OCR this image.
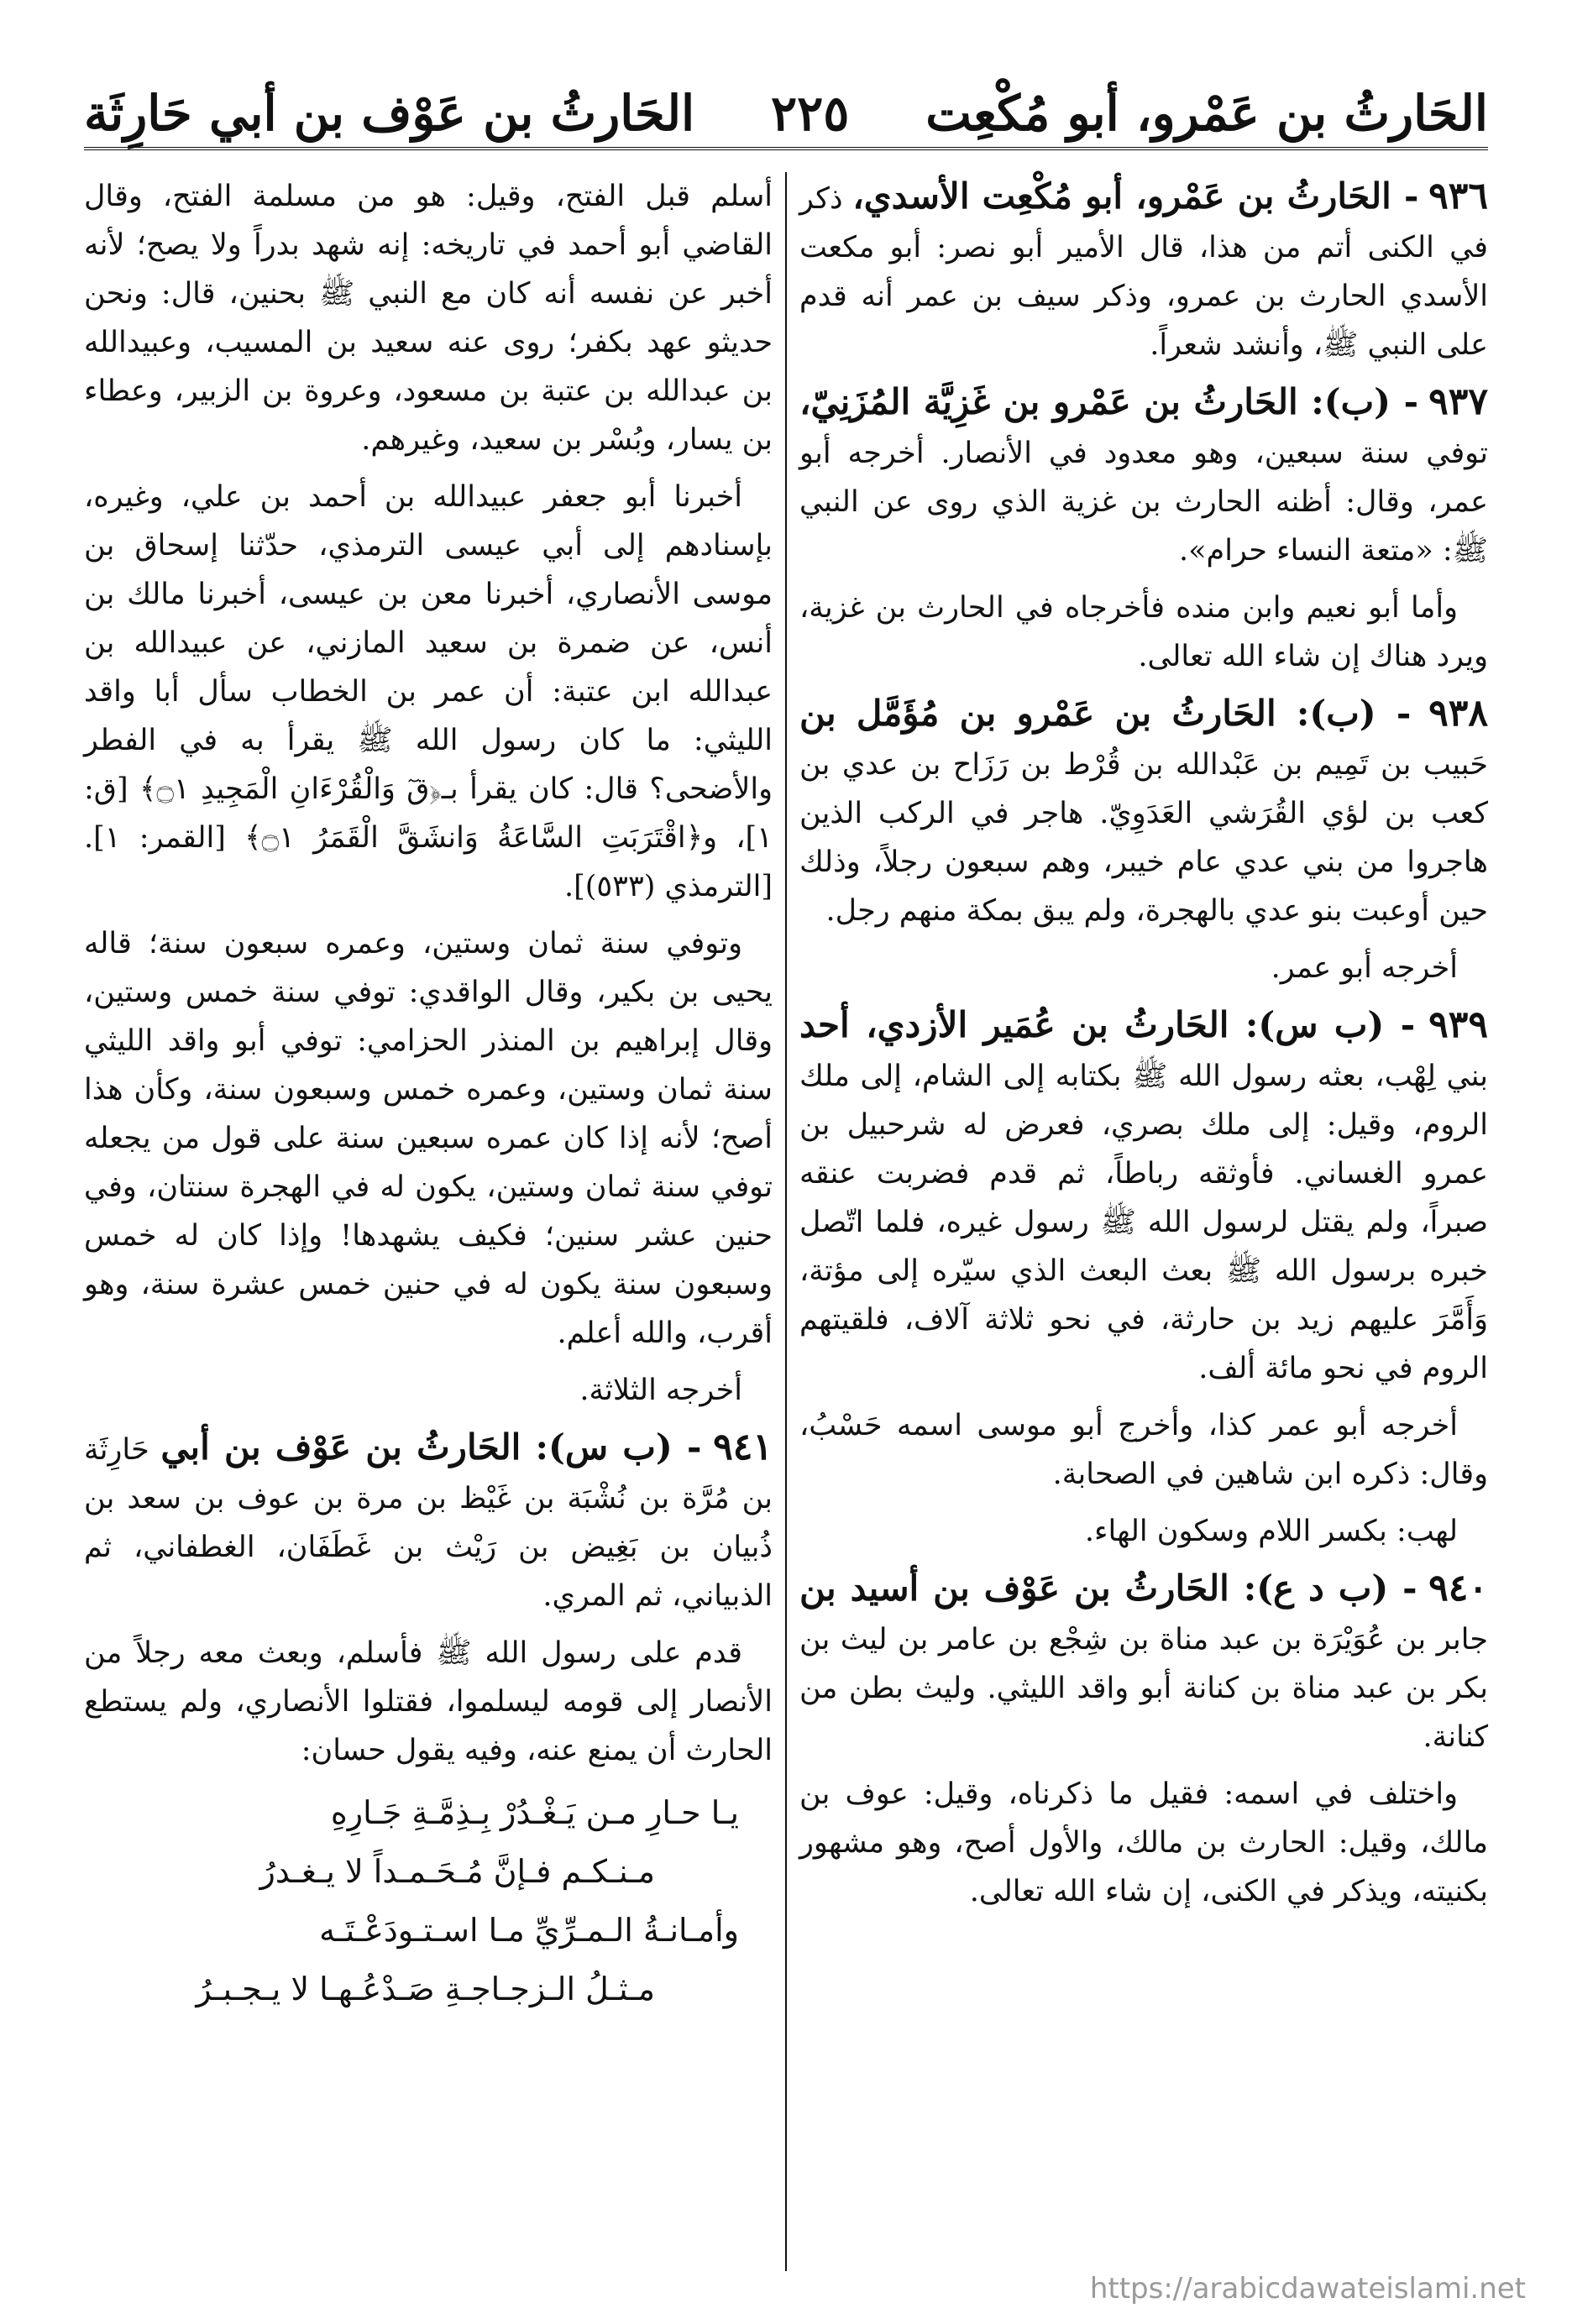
الحَارثُ بن عَمْرو، أبو مُكْعِت
٢٢٥
الحَارثُ بن عَوْف بن أبي حَارِثَة
٩٣٦ - الحَارثُ بن عَمْرو، أبو مُكْعِت الأسدي، ذكر في الكنى أتم من هذا، قال الأمير أبو نصر: أبو مكعت الأسدي الحارث بن عمرو، وذكر سيف بن عمر أنه قدم على النبي ﷺ، وأنشد شعراً.
٩٣٧ - (ب): الحَارثُ بن عَمْرو بن غَزِيَّة المُزَنِيّ، توفي سنة سبعين، وهو معدود في الأنصار. أخرجه أبو عمر، وقال: أظنه الحارث بن غزية الذي روى عن النبي ﷺ: «متعة النساء حرام».

وأما أبو نعيم وابن منده فأخرجاه في الحارث بن غزية، ويرد هناك إن شاء الله تعالى.

٩٣٨ - (ب): الحَارثُ بن عَمْرو بن مُؤَمَّل بن حَبيب بن تَمِيم بن عَبْدالله بن قُرْط بن رَزَاح بن عدي بن كعب بن لؤي القُرَشي العَدَوِيّ. هاجر في الركب الذين هاجروا من بني عدي عام خيبر، وهم سبعون رجلاً، وذلك حين أوعبت بنو عدي بالهجرة، ولم يبق بمكة منهم رجل.

أخرجه أبو عمر.

٩٣٩ - (ب س): الحَارثُ بن عُمَير الأزدي، أحد بني لِهْب، بعثه رسول الله ﷺ بكتابه إلى الشام، إلى ملك الروم، وقيل: إلى ملك بصري، فعرض له شرحبيل بن عمرو الغساني. فأوثقه رباطاً، ثم قدم فضربت عنقه صبراً، ولم يقتل لرسول الله ﷺ رسول غيره، فلما اتّصل خبره برسول الله ﷺ بعث البعث الذي سيّره إلى مؤتة، وَأَمَّرَ عليهم زيد بن حارثة، في نحو ثلاثة آلاف، فلقيتهم الروم في نحو مائة ألف.

أخرجه أبو عمر كذا، وأخرج أبو موسى اسمه حَسْبُ، وقال: ذكره ابن شاهين في الصحابة.

لهب: بكسر اللام وسكون الهاء.

٩٤٠ - (ب د ع): الحَارثُ بن عَوْف بن أسيد بن جابر بن عُوَيْرَة بن عبد مناة بن شِجْع بن عامر بن ليث بن بكر بن عبد مناة بن كنانة أبو واقد الليثي. وليث بطن من كنانة.

واختلف في اسمه: فقيل ما ذكرناه، وقيل: عوف بن مالك، وقيل: الحارث بن مالك، والأول أصح، وهو مشهور بكنيته، ويذكر في الكنى، إن شاء الله تعالى.

أسلم قبل الفتح، وقيل: هو من مسلمة الفتح، وقال القاضي أبو أحمد في تاريخه: إنه شهد بدراً ولا يصح؛ لأنه أخبر عن نفسه أنه كان مع النبي ﷺ بحنين، قال: ونحن حديثو عهد بكفر؛ روى عنه سعيد بن المسيب، وعبيدالله بن عبدالله بن عتبة بن مسعود، وعروة بن الزبير، وعطاء بن يسار، وبُسْر بن سعيد، وغيرهم.

أخبرنا أبو جعفر عبيدالله بن أحمد بن علي، وغيره، بإسنادهم إلى أبي عيسى الترمذي، حدّثنا إسحاق بن موسى الأنصاري، أخبرنا معن بن عيسى، أخبرنا مالك بن أنس، عن ضمرة بن سعيد المازني، عن عبيدالله بن عبدالله ابن عتبة: أن عمر بن الخطاب سأل أبا واقد الليثي: ما كان رسول الله ﷺ يقرأ به في الفطر والأضحى؟ قال: كان يقرأ بـ﴿قٓ وَالْقُرْءَانِ الْمَجِيدِ ۝١﴾ [ق: ١]، و﴿اقْتَرَبَتِ السَّاعَةُ وَانشَقَّ الْقَمَرُ ۝١﴾ [القمر: ١]. [الترمذي (٥٣٣)].

وتوفي سنة ثمان وستين، وعمره سبعون سنة؛ قاله يحيى بن بكير، وقال الواقدي: توفي سنة خمس وستين، وقال إبراهيم بن المنذر الحزامي: توفي أبو واقد الليثي سنة ثمان وستين، وعمره خمس وسبعون سنة، وكأن هذا أصح؛ لأنه إذا كان عمره سبعين سنة على قول من يجعله توفي سنة ثمان وستين، يكون له في الهجرة سنتان، وفي حنين عشر سنين؛ فكيف يشهدها! وإذا كان له خمس وسبعون سنة يكون له في حنين خمس عشرة سنة، وهو أقرب، والله أعلم.

أخرجه الثلاثة.

٩٤١ - (ب س): الحَارثُ بن عَوْف بن أبي حَارِثَة بن مُرَّة بن نُشْبَة بن غَيْظ بن مرة بن عوف بن سعد بن ذُبيان بن بَغِيض بن رَيْث بن غَطَفَان، الغطفاني، ثم الذبياني، ثم المري.

قدم على رسول الله ﷺ فأسلم، وبعث معه رجلاً من الأنصار إلى قومه ليسلموا، فقتلوا الأنصاري، ولم يستطع الحارث أن يمنع عنه، وفيه يقول حسان:

يـا حـارِ مـن يَـغْـدُرْ بِـذِمَّـةِ جَـارِهِ
مـنـكـم فـإنَّ مُـحَـمـداً لا يـغـدرُ
وأمـانـةُ الـمـرِّيِّ مـا اسـتـودَعْـتَـه
مـثـلُ الـزجـاجـةِ صَـدْعُـهـا لا يـجـبـرُ
https://arabicdawateislami.net
